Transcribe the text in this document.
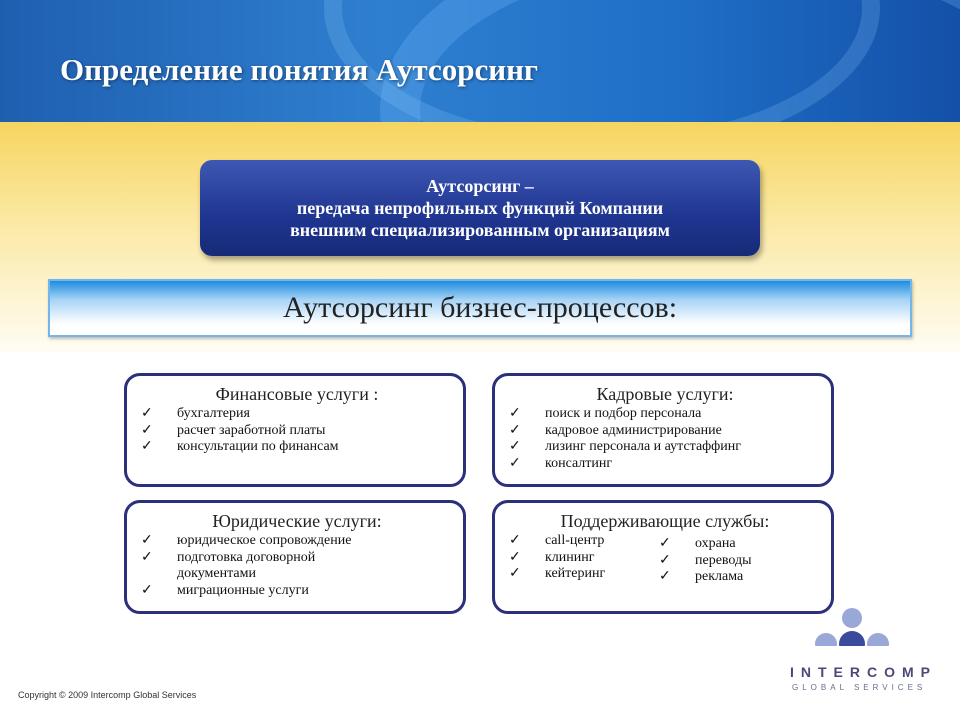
Определение понятия Аутсорсинг
Аутсорсинг –
передача непрофильных функций Компании
внешним специализированным организациям
Аутсорсинг бизнес-процессов:
Финансовые услуги :
✓ бухгалтерия
✓ расчет заработной платы
✓ консультации по финансам
Кадровые услуги:
✓ поиск и подбор персонала
✓ кадровое администрирование
✓ лизинг персонала и аутстаффинг
✓ консалтинг
Юридические услуги:
✓ юридическое сопровождение
✓ подготовка договорной документами
✓ миграционные услуги
Поддерживающие службы:
✓ call-центр
✓ клининг
✓ кейтеринг
✓ охрана
✓ переводы
✓ реклама
Copyright © 2009 Intercomp Global Services
INTERCOMP
GLOBAL SERVICES
